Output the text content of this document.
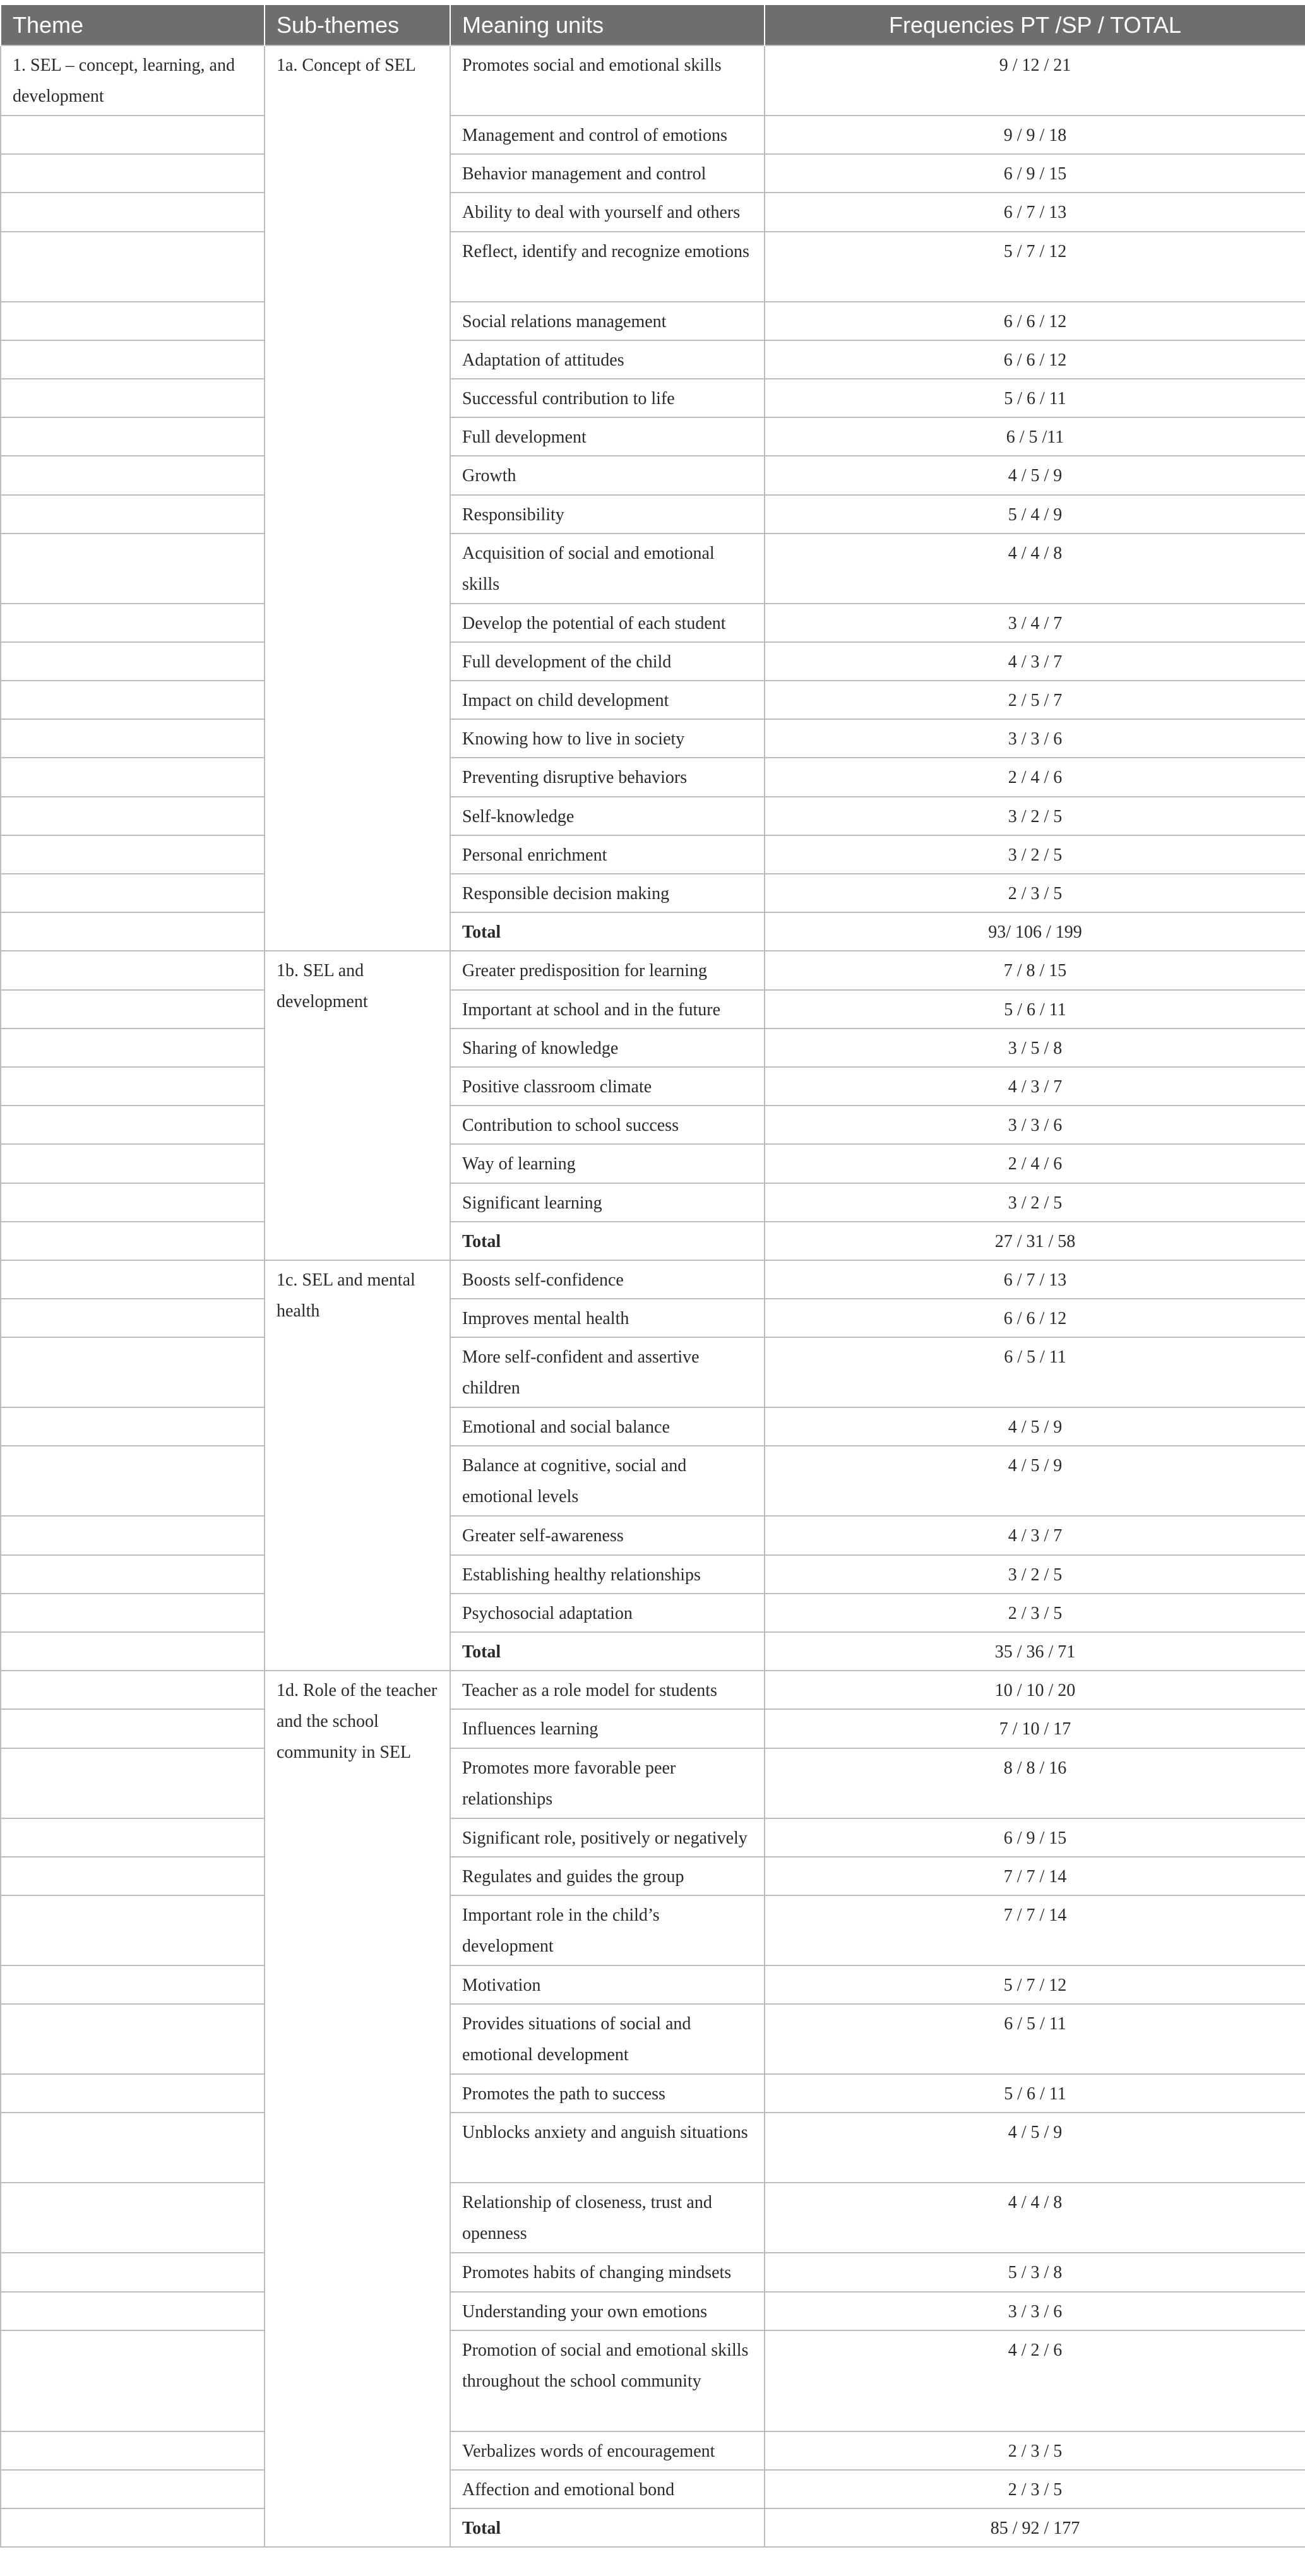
Theme	Sub-themes	Meaning units	Frequencies PT /SP / TOTAL
1. SEL – concept, learning, and development	1a. Concept of SEL	Promotes social and emotional skills	9 / 12 / 21
		Management and control of emotions	9 / 9 / 18
		Behavior management and control	6 / 9 / 15
		Ability to deal with yourself and others	6 / 7 / 13
		Reflect, identify and recognize emotions	5 / 7 / 12
		Social relations management	6 / 6 / 12
		Adaptation of attitudes	6 / 6 / 12
		Successful contribution to life	5 / 6 / 11
		Full development	6 / 5 /11
		Growth	4 / 5 / 9
		Responsibility	5 / 4 / 9
		Acquisition of social and emotional skills	4 / 4 / 8
		Develop the potential of each student	3 / 4 / 7
		Full development of the child	4 / 3 / 7
		Impact on child development	2 / 5 / 7
		Knowing how to live in society	3 / 3 / 6
		Preventing disruptive behaviors	2 / 4 / 6
		Self-knowledge	3 / 2 / 5
		Personal enrichment	3 / 2 / 5
		Responsible decision making	2 / 3 / 5
		Total	93/ 106 / 199
	1b. SEL and development	Greater predisposition for learning	7 / 8 / 15
		Important at school and in the future	5 / 6 / 11
		Sharing of knowledge	3 / 5 / 8
		Positive classroom climate	4 / 3 / 7
		Contribution to school success	3 / 3 / 6
		Way of learning	2 / 4 / 6
		Significant learning	3 / 2 / 5
		Total	27 / 31 / 58
	1c. SEL and mental health	Boosts self-confidence	6 / 7 / 13
		Improves mental health	6 / 6 / 12
		More self-confident and assertive children	6 / 5 / 11
		Emotional and social balance	4 / 5 / 9
		Balance at cognitive, social and emotional levels	4 / 5 / 9
		Greater self-awareness	4 / 3 / 7
		Establishing healthy relationships	3 / 2 / 5
		Psychosocial adaptation	2 / 3 / 5
		Total	35 / 36 / 71
	1d. Role of the teacher and the school community in SEL	Teacher as a role model for students	10 / 10 / 20
		Influences learning	7 / 10 / 17
		Promotes more favorable peer relationships	8 / 8 / 16
		Significant role, positively or negatively	6 / 9 / 15
		Regulates and guides the group	7 / 7 / 14
		Important role in the child’s development	7 / 7 / 14
		Motivation	5 / 7 / 12
		Provides situations of social and emotional development	6 / 5 / 11
		Promotes the path to success	5 / 6 / 11
		Unblocks anxiety and anguish situations	4 / 5 / 9
		Relationship of closeness, trust and openness	4 / 4 / 8
		Promotes habits of changing mindsets	5 / 3 / 8
		Understanding your own emotions	3 / 3 / 6
		Promotion of social and emotional skills throughout the school community	4 / 2 / 6
		Verbalizes words of encouragement	2 / 3 / 5
		Affection and emotional bond	2 / 3 / 5
		Total	85 / 92 / 177
